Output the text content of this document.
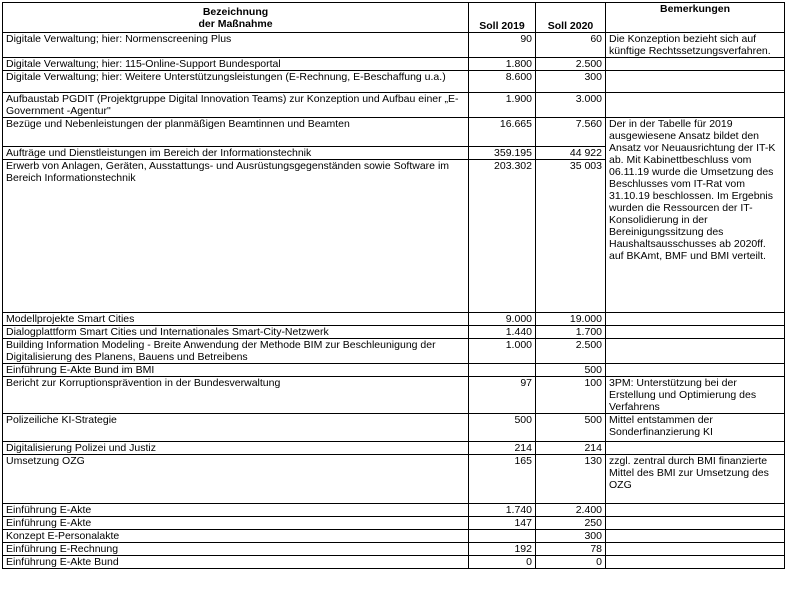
Bezeichnung
der Maßnahme	Soll 2019	Soll 2020	Bemerkungen
Digitale Verwaltung; hier: Normenscreening Plus	90	60	Die Konzeption bezieht sich auf künftige Rechtssetzungsverfahren.
Digitale Verwaltung; hier: 115-Online-Support Bundesportal	1.800	2.500	
Digitale Verwaltung; hier: Weitere Unterstützungsleistungen (E-Rechnung, E-Beschaffung u.a.)	8.600	300	
Aufbaustab PGDIT (Projektgruppe Digital Innovation Teams) zur Konzeption und Aufbau einer „E-Government -Agentur"	1.900	3.000	
Bezüge und Nebenleistungen der planmäßigen Beamtinnen und Beamten	16.665	7.560	Der in der Tabelle für 2019 ausgewiesene Ansatz bildet den Ansatz vor Neuausrichtung der IT-K ab. Mit Kabinettbeschluss vom 06.11.19 wurde die Umsetzung des Beschlusses vom IT-Rat vom 31.10.19 beschlossen. Im Ergebnis wurden die Ressourcen der IT-Konsolidierung in der Bereinigungssitzung des Haushaltsausschusses ab 2020ff. auf BKAmt, BMF und BMI verteilt.
Aufträge und Dienstleistungen im Bereich der Informationstechnik	359.195	44 922	
Erwerb von Anlagen, Geräten, Ausstattungs- und Ausrüstungsgegenständen sowie Software im Bereich Informationstechnik	203.302	35 003	
Modellprojekte Smart Cities	9.000	19.000	
Dialogplattform Smart Cities und Internationales Smart-City-Netzwerk	1.440	1.700	
Building Information Modeling - Breite Anwendung der Methode BIM zur Beschleunigung der Digitalisierung des Planens, Bauens und Betreibens	1.000	2.500	
Einführung E-Akte Bund im BMI		500	
Bericht zur Korruptionsprävention in der Bundesverwaltung	97	100	3PM: Unterstützung bei der Erstellung und Optimierung des Verfahrens
Polizeiliche KI-Strategie	500	500	Mittel entstammen der Sonderfinanzierung KI
Digitalisierung Polizei und Justiz	214	214	
Umsetzung OZG	165	130	zzgl. zentral durch BMI finanzierte Mittel des BMI zur Umsetzung des OZG
Einführung E-Akte	1.740	2.400	
Einführung E-Akte	147	250	
Konzept E-Personalakte		300	
Einführung E-Rechnung	192	78	
Einführung E-Akte Bund	0	0	
